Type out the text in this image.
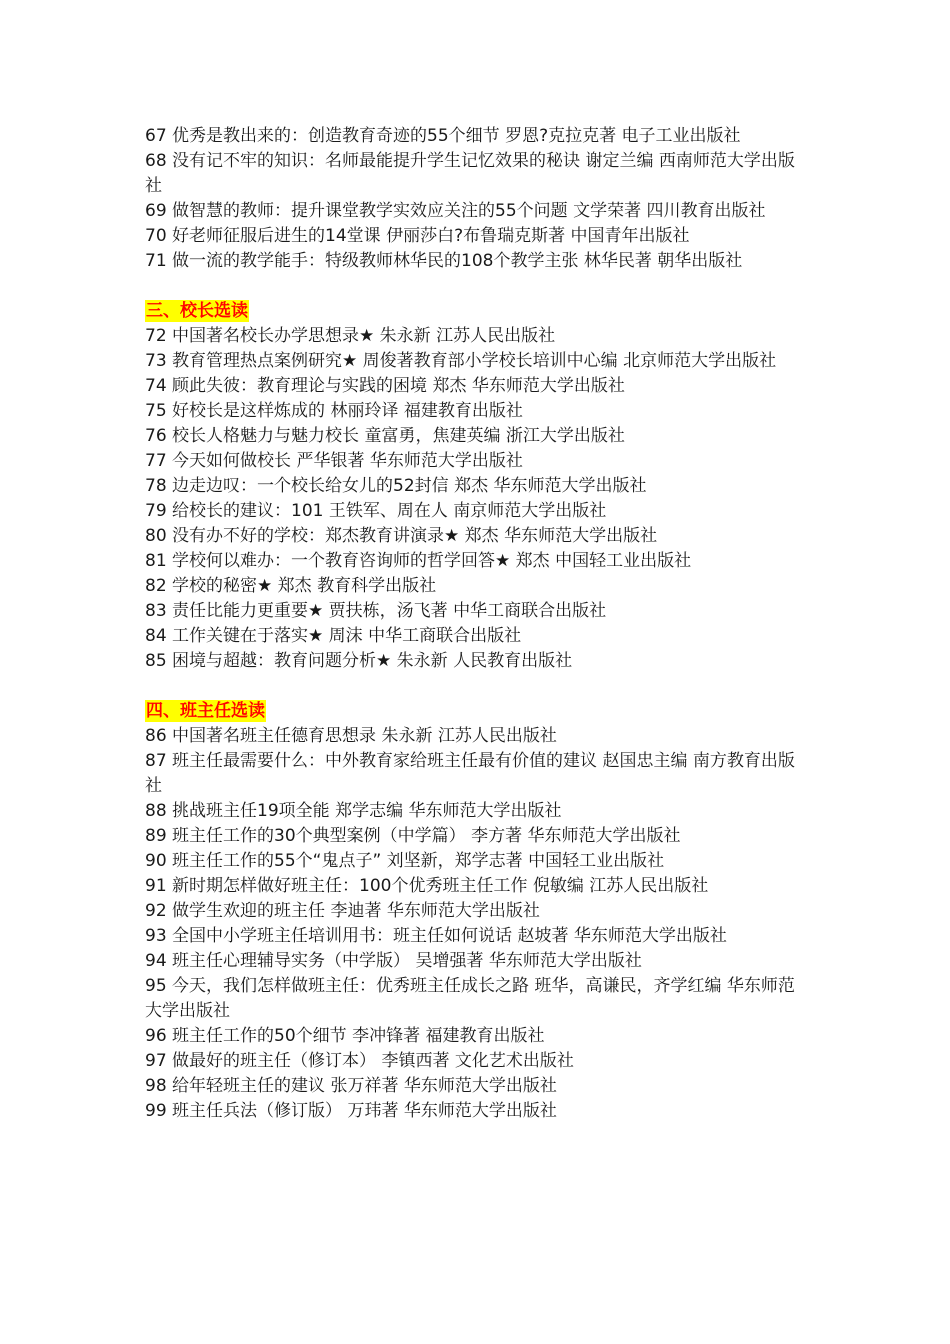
67 优秀是教出来的：创造教育奇迹的55个细节 罗恩?克拉克著 电子工业出版社

68 没有记不牢的知识：名师最能提升学生记忆效果的秘诀 谢定兰编 西南师范大学出版社

69 做智慧的教师：提升课堂教学实效应关注的55个问题 文学荣著 四川教育出版社

70 好老师征服后进生的14堂课 伊丽莎白?布鲁瑞克斯著 中国青年出版社

71 做一流的教学能手：特级教师林华民的108个教学主张 林华民著 朝华出版社

三、校长选读

72 中国著名校长办学思想录★ 朱永新 江苏人民出版社

73 教育管理热点案例研究★ 周俊著教育部小学校长培训中心编 北京师范大学出版社

74 顾此失彼：教育理论与实践的困境 郑杰 华东师范大学出版社

75 好校长是这样炼成的 林丽玲译 福建教育出版社

76 校长人格魅力与魅力校长 童富勇，焦建英编 浙江大学出版社

77 今天如何做校长 严华银著 华东师范大学出版社

78 边走边叹：一个校长给女儿的52封信 郑杰 华东师范大学出版社

79 给校长的建议：101 王铁军、周在人 南京师范大学出版社

80 没有办不好的学校：郑杰教育讲演录★ 郑杰 华东师范大学出版社

81 学校何以难办：一个教育咨询师的哲学回答★ 郑杰 中国轻工业出版社

82 学校的秘密★ 郑杰 教育科学出版社

83 责任比能力更重要★ 贾扶栋，汤飞著 中华工商联合出版社

84 工作关键在于落实★ 周沫 中华工商联合出版社

85 困境与超越：教育问题分析★ 朱永新 人民教育出版社

四、班主任选读

86 中国著名班主任德育思想录 朱永新 江苏人民出版社

87 班主任最需要什么：中外教育家给班主任最有价值的建议 赵国忠主编 南方教育出版社

88 挑战班主任19项全能 郑学志编 华东师范大学出版社

89 班主任工作的30个典型案例（中学篇） 李方著 华东师范大学出版社

90 班主任工作的55个“鬼点子” 刘坚新，郑学志著 中国轻工业出版社

91 新时期怎样做好班主任：100个优秀班主任工作 倪敏编 江苏人民出版社

92 做学生欢迎的班主任 李迪著 华东师范大学出版社

93 全国中小学班主任培训用书：班主任如何说话 赵坡著 华东师范大学出版社

94 班主任心理辅导实务（中学版） 吴增强著 华东师范大学出版社

95 今天，我们怎样做班主任：优秀班主任成长之路 班华，高谦民，齐学红编 华东师范大学出版社

96 班主任工作的50个细节 李冲锋著 福建教育出版社

97 做最好的班主任（修订本） 李镇西著 文化艺术出版社

98 给年轻班主任的建议 张万祥著 华东师范大学出版社

99 班主任兵法（修订版） 万玮著 华东师范大学出版社
